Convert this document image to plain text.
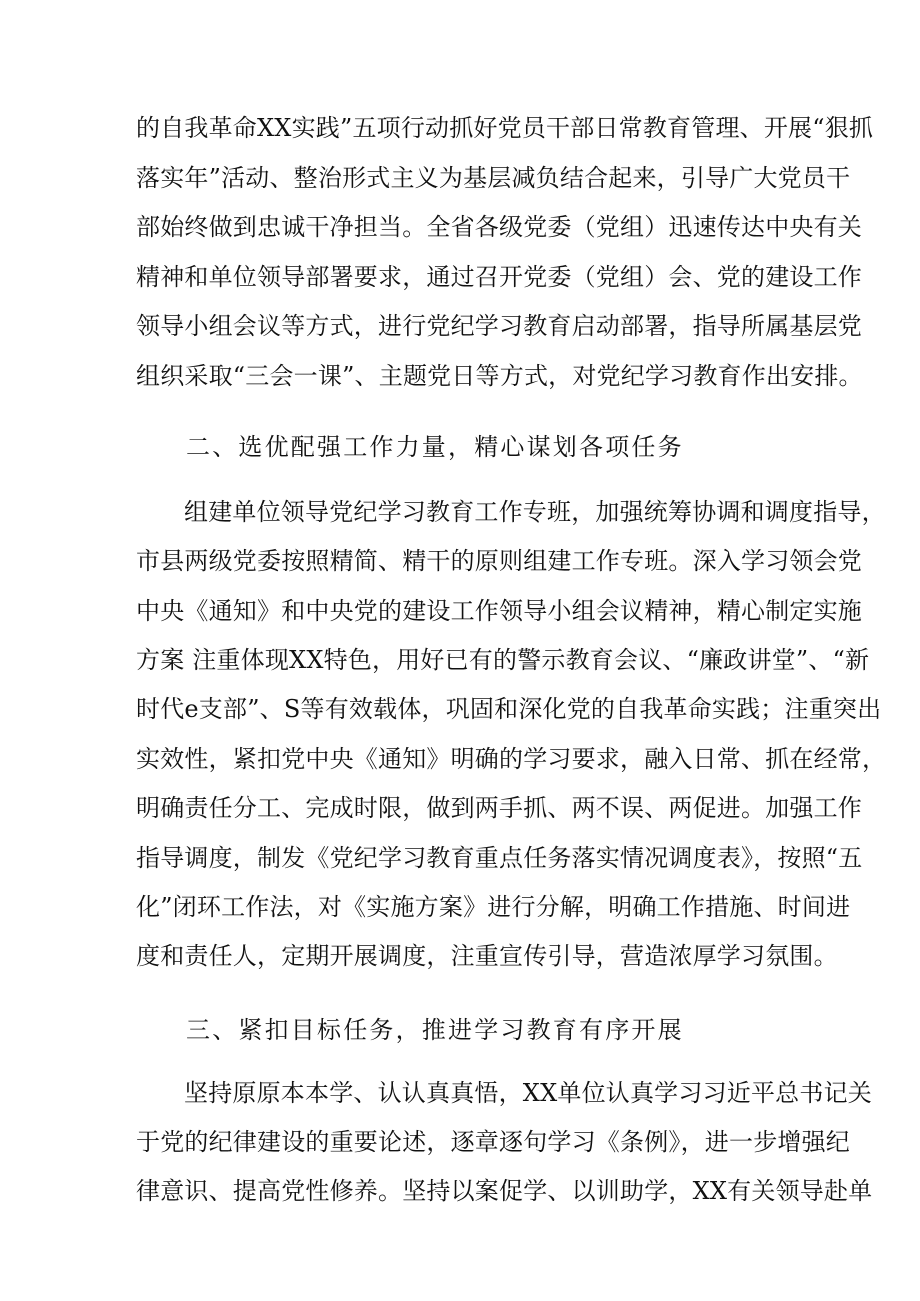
的自我革命XX实践”五项行动抓好党员干部日常教育管理、开展“狠抓
落实年”活动、整治形式主义为基层减负结合起来，引导广大党员干
部始终做到忠诚干净担当。全省各级党委（党组）迅速传达中央有关
精神和单位领导部署要求，通过召开党委（党组）会、党的建设工作
领导小组会议等方式，进行党纪学习教育启动部署，指导所属基层党
组织采取“三会一课”、主题党日等方式，对党纪学习教育作出安排。
二、选优配强工作力量，精心谋划各项任务
组建单位领导党纪学习教育工作专班，加强统筹协调和调度指导，
市县两级党委按照精简、精干的原则组建工作专班。深入学习领会党
中央《通知》和中央党的建设工作领导小组会议精神，精心制定实施
方案 注重体现XX特色，用好已有的警示教育会议、“廉政讲堂”、“新
时代e支部”、S等有效载体，巩固和深化党的自我革命实践；注重突出
实效性，紧扣党中央《通知》明确的学习要求，融入日常、抓在经常，
明确责任分工、完成时限，做到两手抓、两不误、两促进。加强工作
指导调度，制发《党纪学习教育重点任务落实情况调度表》，按照“五
化”闭环工作法，对《实施方案》进行分解，明确工作措施、时间进
度和责任人，定期开展调度，注重宣传引导，营造浓厚学习氛围。
三、紧扣目标任务，推进学习教育有序开展
坚持原原本本学、认认真真悟，XX单位认真学习习近平总书记关
于党的纪律建设的重要论述，逐章逐句学习《条例》，进一步增强纪
律意识、提高党性修养。坚持以案促学、以训助学，XX有关领导赴单
